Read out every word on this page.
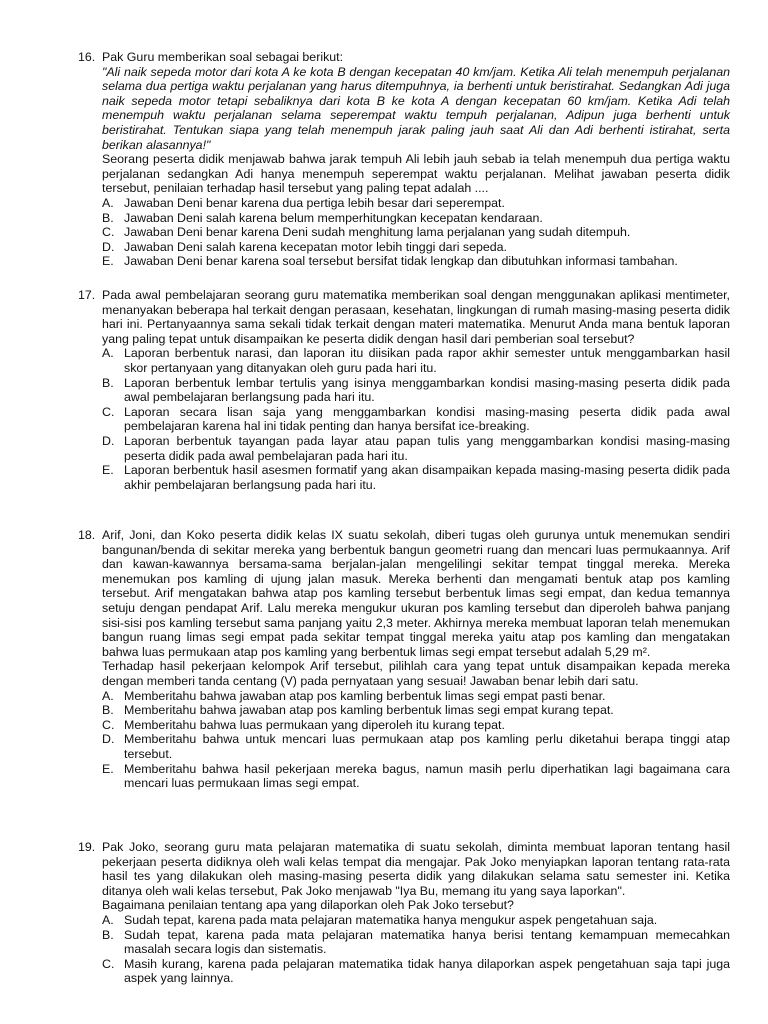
16. Pak Guru memberikan soal sebagai berikut:

"Ali naik sepeda motor dari kota A ke kota B dengan kecepatan 40 km/jam. Ketika Ali telah menempuh perjalanan selama dua pertiga waktu perjalanan yang harus ditempuhnya, ia berhenti untuk beristirahat. Sedangkan Adi juga naik sepeda motor tetapi sebaliknya dari kota B ke kota A dengan kecepatan 60 km/jam. Ketika Adi telah menempuh waktu perjalanan selama seperempat waktu tempuh perjalanan, Adipun juga berhenti untuk beristirahat. Tentukan siapa yang telah menempuh jarak paling jauh saat Ali dan Adi berhenti istirahat, serta berikan alasannya!"

Seorang peserta didik menjawab bahwa jarak tempuh Ali lebih jauh sebab ia telah menempuh dua pertiga waktu perjalanan sedangkan Adi hanya menempuh seperempat waktu perjalanan. Melihat jawaban peserta didik tersebut, penilaian terhadap hasil tersebut yang paling tepat adalah ....

A. Jawaban Deni benar karena dua pertiga lebih besar dari seperempat.
B. Jawaban Deni salah karena belum memperhitungkan kecepatan kendaraan.
C. Jawaban Deni benar karena Deni sudah menghitung lama perjalanan yang sudah ditempuh.
D. Jawaban Deni salah karena kecepatan motor lebih tinggi dari sepeda.
E. Jawaban Deni benar karena soal tersebut bersifat tidak lengkap dan dibutuhkan informasi tambahan.
17. Pada awal pembelajaran seorang guru matematika memberikan soal dengan menggunakan aplikasi mentimeter, menanyakan beberapa hal terkait dengan perasaan, kesehatan, lingkungan di rumah masing-masing peserta didik hari ini. Pertanyaannya sama sekali tidak terkait dengan materi matematika. Menurut Anda mana bentuk laporan yang paling tepat untuk disampaikan ke peserta didik dengan hasil dari pemberian soal tersebut?

A. Laporan berbentuk narasi, dan laporan itu diisikan pada rapor akhir semester untuk menggambarkan hasil skor pertanyaan yang ditanyakan oleh guru pada hari itu.
B. Laporan berbentuk lembar tertulis yang isinya menggambarkan kondisi masing-masing peserta didik pada awal pembelajaran berlangsung pada hari itu.
C. Laporan secara lisan saja yang menggambarkan kondisi masing-masing peserta didik pada awal pembelajaran karena hal ini tidak penting dan hanya bersifat ice-breaking.
D. Laporan berbentuk tayangan pada layar atau papan tulis yang menggambarkan kondisi masing-masing peserta didik pada awal pembelajaran pada hari itu.
E. Laporan berbentuk hasil asesmen formatif yang akan disampaikan kepada masing-masing peserta didik pada akhir pembelajaran berlangsung pada hari itu.
18. Arif, Joni, dan Koko peserta didik kelas IX suatu sekolah, diberi tugas oleh gurunya untuk menemukan sendiri bangunan/benda di sekitar mereka yang berbentuk bangun geometri ruang dan mencari luas permukaannya. Arif dan kawan-kawannya bersama-sama berjalan-jalan mengelilingi sekitar tempat tinggal mereka. Mereka menemukan pos kamling di ujung jalan masuk. Mereka berhenti dan mengamati bentuk atap pos kamling tersebut. Arif mengatakan bahwa atap pos kamling tersebut berbentuk limas segi empat, dan kedua temannya setuju dengan pendapat Arif. Lalu mereka mengukur ukuran pos kamling tersebut dan diperoleh bahwa panjang sisi-sisi pos kamling tersebut sama panjang yaitu 2,3 meter. Akhirnya mereka membuat laporan telah menemukan bangun ruang limas segi empat pada sekitar tempat tinggal mereka yaitu atap pos kamling dan mengatakan bahwa luas permukaan atap pos kamling yang berbentuk limas segi empat tersebut adalah 5,29 m².

Terhadap hasil pekerjaan kelompok Arif tersebut, pilihlah cara yang tepat untuk disampaikan kepada mereka dengan memberi tanda centang (V) pada pernyataan yang sesuai! Jawaban benar lebih dari satu.

A. Memberitahu bahwa jawaban atap pos kamling berbentuk limas segi empat pasti benar.
B. Memberitahu bahwa jawaban atap pos kamling berbentuk limas segi empat kurang tepat.
C. Memberitahu bahwa luas permukaan yang diperoleh itu kurang tepat.
D. Memberitahu bahwa untuk mencari luas permukaan atap pos kamling perlu diketahui berapa tinggi atap tersebut.
E. Memberitahu bahwa hasil pekerjaan mereka bagus, namun masih perlu diperhatikan lagi bagaimana cara mencari luas permukaan limas segi empat.
19. Pak Joko, seorang guru mata pelajaran matematika di suatu sekolah, diminta membuat laporan tentang hasil pekerjaan peserta didiknya oleh wali kelas tempat dia mengajar. Pak Joko menyiapkan laporan tentang rata-rata hasil tes yang dilakukan oleh masing-masing peserta didik yang dilakukan selama satu semester ini. Ketika ditanya oleh wali kelas tersebut, Pak Joko menjawab "Iya Bu, memang itu yang saya laporkan".

Bagaimana penilaian tentang apa yang dilaporkan oleh Pak Joko tersebut?

A. Sudah tepat, karena pada mata pelajaran matematika hanya mengukur aspek pengetahuan saja.
B. Sudah tepat, karena pada mata pelajaran matematika hanya berisi tentang kemampuan memecahkan masalah secara logis dan sistematis.
C. Masih kurang, karena pada pelajaran matematika tidak hanya dilaporkan aspek pengetahuan saja tapi juga aspek yang lainnya.
